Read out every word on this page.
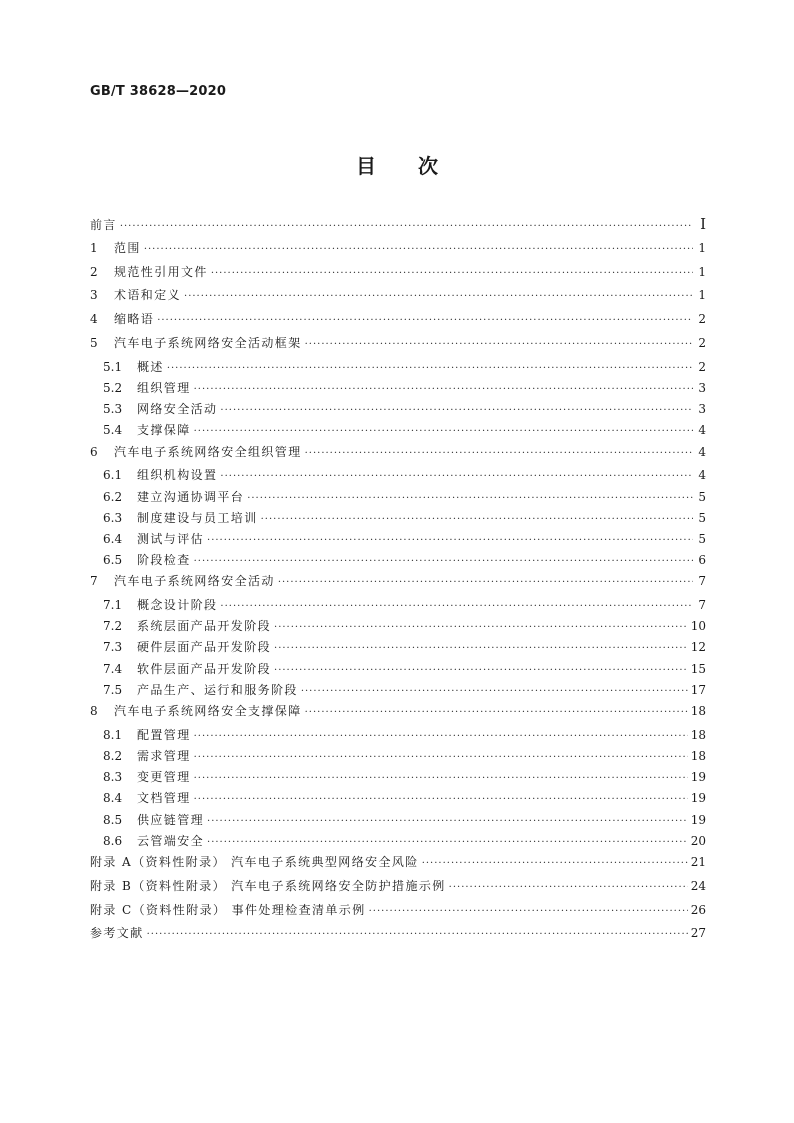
GB/T 38628—2020
目 次
前言 ·····	I
1	范围 ·····	1
2	规范性引用文件 ·····	1
3	术语和定义 ·····	1
4	缩略语 ·····	2
5	汽车电子系统网络安全活动框架 ·····	2
5.1	概述 ·····	2
5.2	组织管理 ·····	3
5.3	网络安全活动 ·····	3
5.4	支撑保障 ·····	4
6	汽车电子系统网络安全组织管理 ·····	4
6.1	组织机构设置 ·····	4
6.2	建立沟通协调平台 ·····	5
6.3	制度建设与员工培训 ·····	5
6.4	测试与评估 ·····	5
6.5	阶段检查 ·····	6
7	汽车电子系统网络安全活动 ·····	7
7.1	概念设计阶段 ·····	7
7.2	系统层面产品开发阶段 ·····	10
7.3	硬件层面产品开发阶段 ·····	12
7.4	软件层面产品开发阶段 ·····	15
7.5	产品生产、运行和服务阶段 ·····	17
8	汽车电子系统网络安全支撑保障 ·····	18
8.1	配置管理 ·····	18
8.2	需求管理 ·····	18
8.3	变更管理 ·····	19
8.4	文档管理 ·····	19
8.5	供应链管理 ·····	19
8.6	云管端安全 ·····	20
附录 A（资料性附录） 汽车电子系统典型网络安全风险 ·····	21
附录 B（资料性附录） 汽车电子系统网络安全防护措施示例 ·····	24
附录 C（资料性附录） 事件处理检查清单示例 ·····	26
参考文献 ·····	27
